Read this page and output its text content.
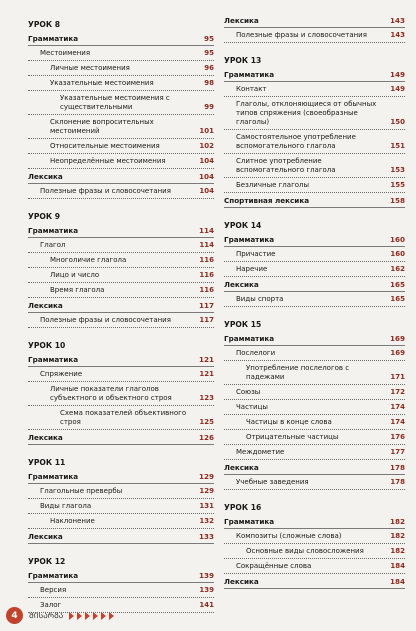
УРОК 8
Грамматика	95
Местоимения	95
Личные местоимения	96
Указательные местоимения	98
Указательные местоимения с существительными	99
Склонение вопросительных местоимений	101
Относительные местоимения	102
Неопределённые местоимения	104
Лексика	104
Полезные фразы и словосочетания	104
УРОК 9
Грамматика	114
Глагол	114
Многоличие глагола	116
Лицо и число	116
Время глагола	116
Лексика	117
Полезные фразы и словосочетания	117
УРОК 10
Грамматика	121
Спряжение	121
Личные показатели глаголов субъектного и объектного строя	123
Схема показателей объективного строя	125
Лексика	126
УРОК 11
Грамматика	129
Глагольные превербы	129
Виды глагола	131
Наклонение	132
Лексика	133
УРОК 12
Грамматика	139
Версия	139
Залог	141
Лексика	143
Полезные фразы и словосочетания	143
УРОК 13
Грамматика	149
Контакт	149
Глаголы, отклоняющиеся от обычных типов спряжения (своеобразные глаголы)	150
Самостоятельное употребление вспомогательного глагола	151
Слитное употребление вспомогательного глагола	153
Безличные глаголы	155
Спортивная лексика	158
УРОК 14
Грамматика	160
Причастие	160
Наречие	162
Лексика	165
Виды спорта	165
УРОК 15
Грамматика	169
Послелоги	169
Употребление послелогов с падежами	171
Союзы	172
Частицы	174
Частицы в конце слова	174
Отрицательные частицы	176
Междометие	177
Лексика	178
Учебные заведения	178
УРОК 16
Грамматика	182
Композиты (сложные слова)	182
Основные виды словосложения	182
Сокращённые слова	184
Лексика	184
4	ᲛᲘᲡᲐᲠᲒᲐ
